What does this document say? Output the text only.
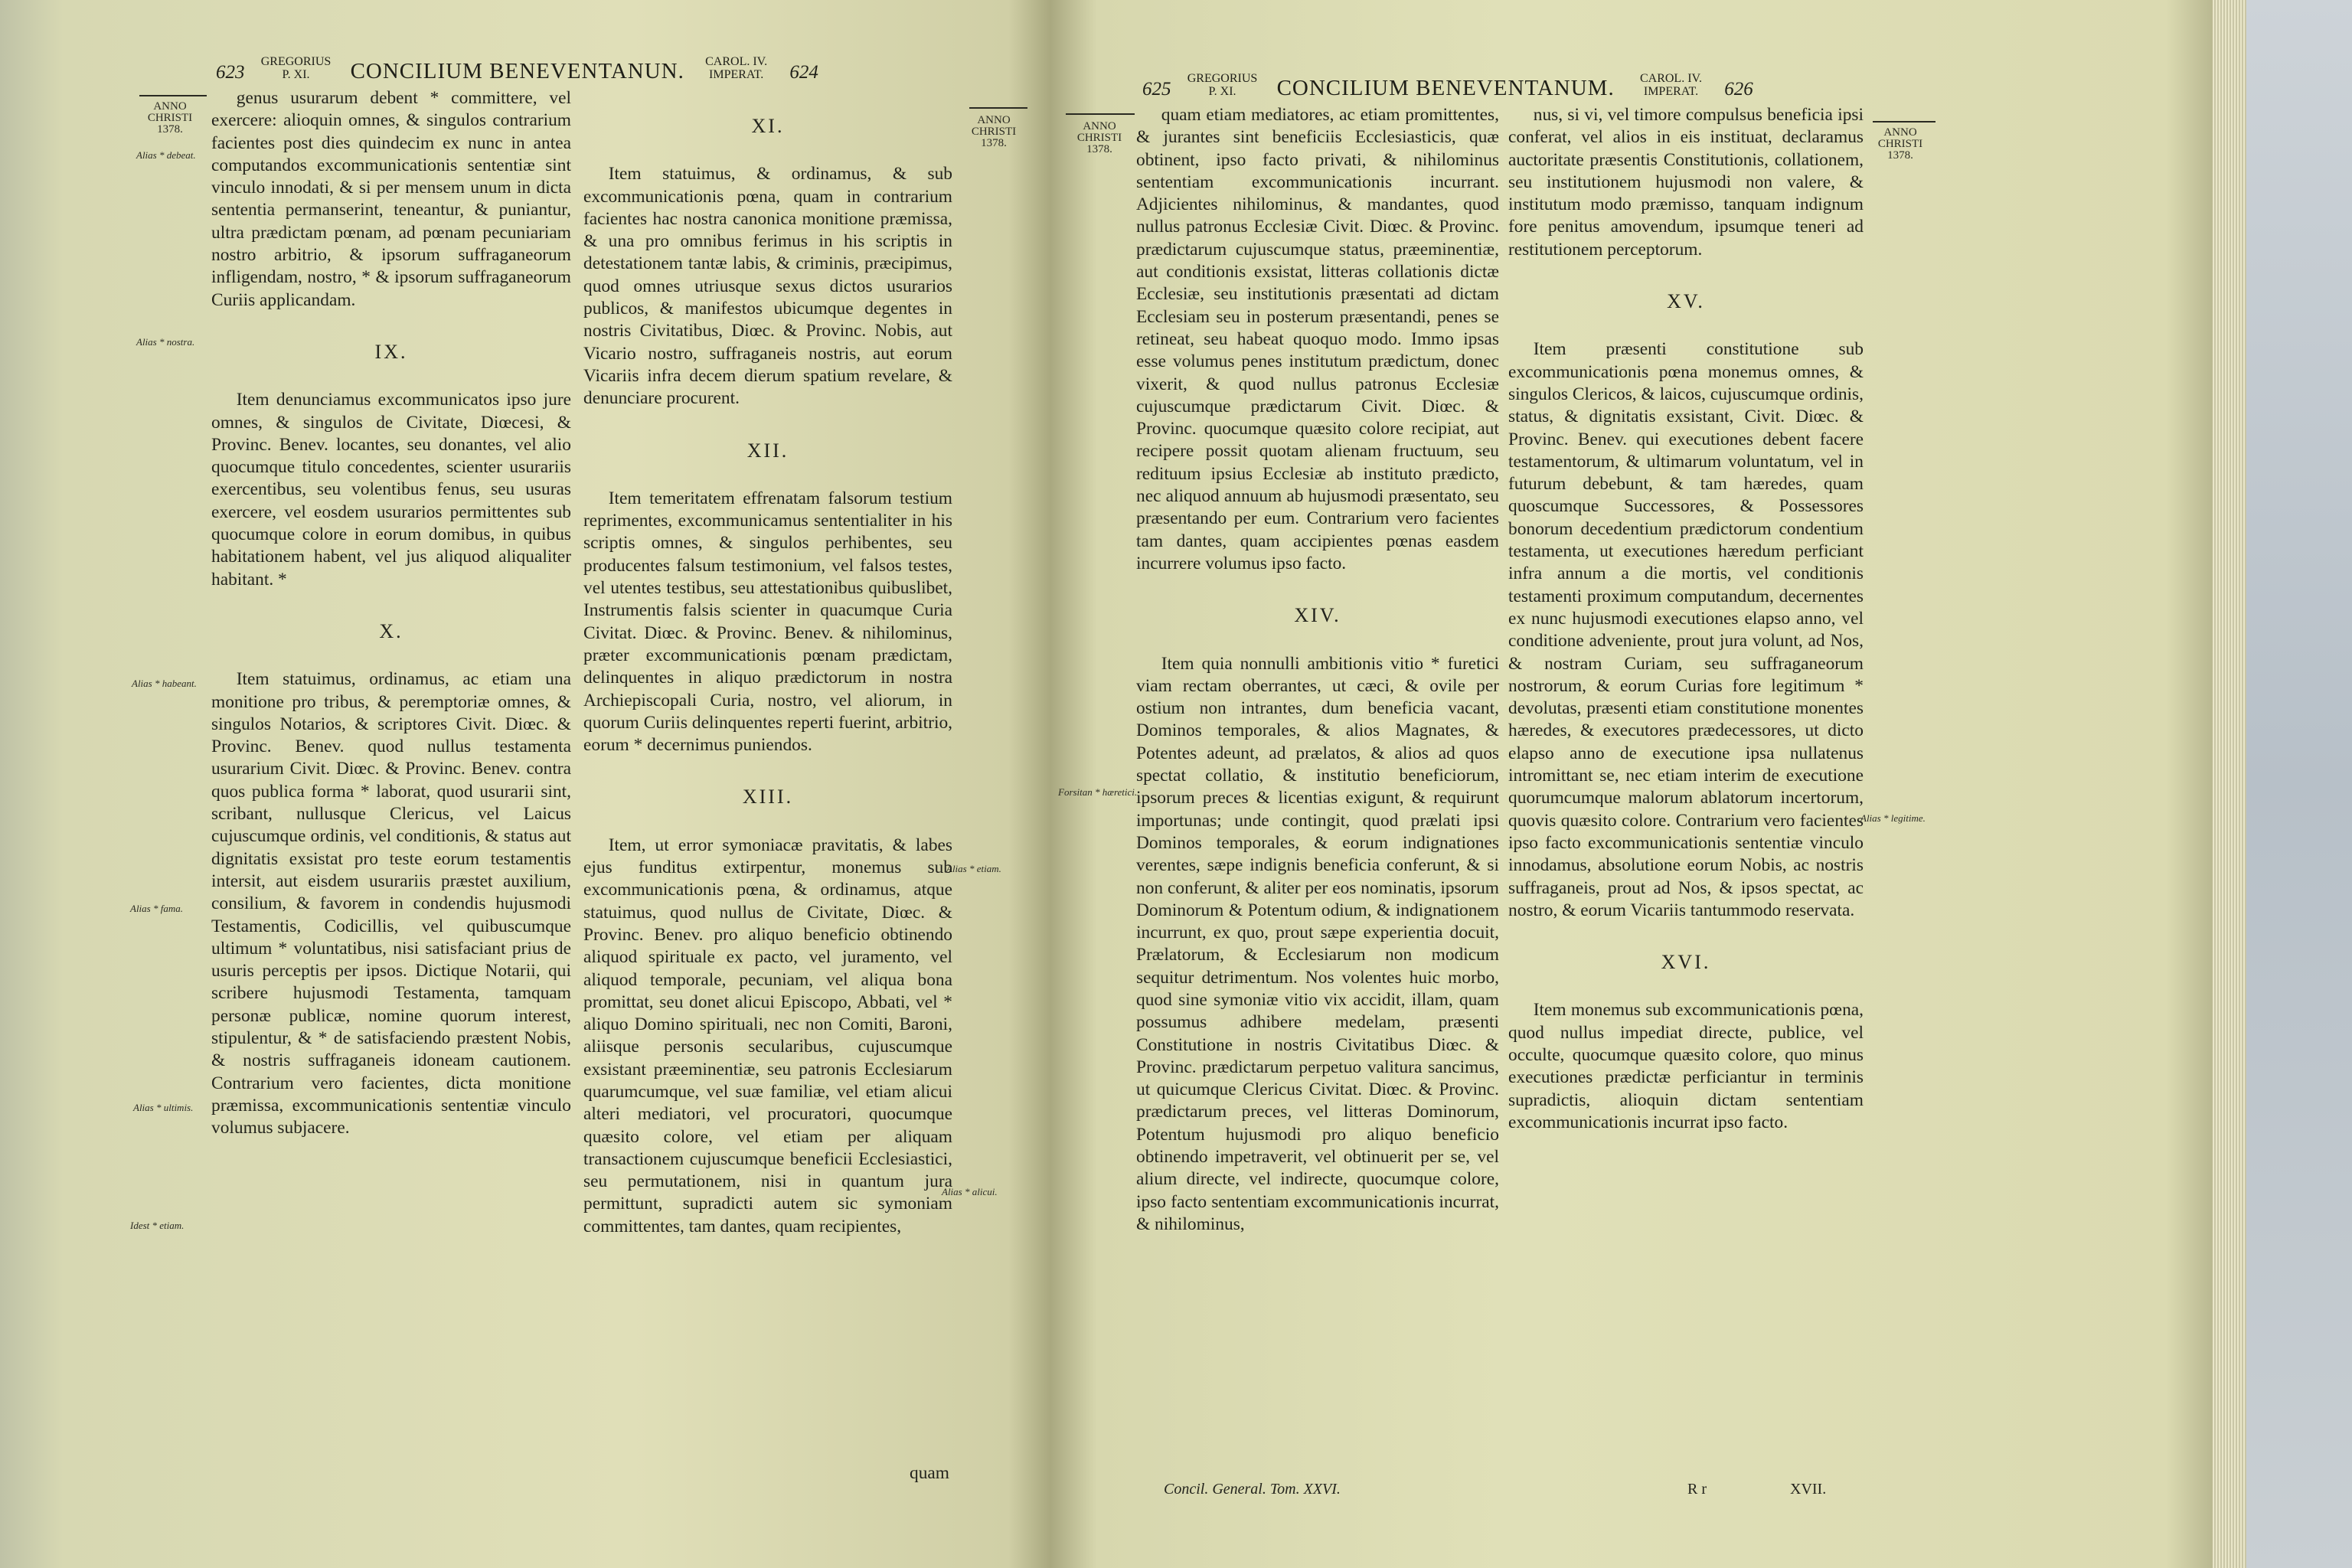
623 GREGORIUS
P. XI. CONCILIUM BENEVENTANUN. CAROL. IV.
IMPERAT. 624
ANNO
CHRISTI
1378.
ANNO
CHRISTI
1378.
Alias * debeat.
Alias * nostra.
Alias * habeant.
Alias * fama.
Alias * ultimis.
Idest * etiam.
Alias * etiam.
Alias * alicui.

genus usurarum debent * committere, vel exercere: alioquin omnes, & singulos contrarium facientes post dies quindecim ex nunc in antea computandos excommunicationis sententiæ sint vinculo innodati, & si per mensem unum in dicta sententia permanserint, teneantur, & puniantur, ultra prædictam pœnam, ad pœnam pecuniariam nostro arbitrio, & ipsorum suffraganeorum infligendam, nostro, * & ipsorum suffraganeorum Curiis applicandam.

IX.

Item denunciamus excommunicatos ipso jure omnes, & singulos de Civitate, Diœcesi, & Provinc. Benev. locantes, seu donantes, vel alio quocumque titulo concedentes, scienter usurariis exercentibus, seu volentibus fenus, seu usuras exercere, vel eosdem usurarios permittentes sub quocumque colore in eorum domibus, in quibus habitationem habent, vel jus aliquod aliqualiter habitant. *

X.

Item statuimus, ordinamus, ac etiam una monitione pro tribus, & peremptoriæ omnes, & singulos Notarios, & scriptores Civit. Diœc. & Provinc. Benev. quod nullus testamenta usurarium Civit. Diœc. & Provinc. Benev. contra quos publica forma * laborat, quod usurarii sint, scribant, nullusque Clericus, vel Laicus cujuscumque ordinis, vel conditionis, & status aut dignitatis exsistat pro teste eorum testamentis intersit, aut eisdem usurariis præstet auxilium, consilium, & favorem in condendis hujusmodi Testamentis, Codicillis, vel quibuscumque ultimum * voluntatibus, nisi satisfaciant prius de usuris perceptis per ipsos. Dictique Notarii, qui scribere hujusmodi Testamenta, tamquam personæ publicæ, nomine quorum interest, stipulentur, & * de satisfaciendo præstent Nobis, & nostris suffraganeis idoneam cautionem. Contrarium vero facientes, dicta monitione præmissa, excommunicationis sententiæ vinculo volumus subjacere.

XI.

Item statuimus, & ordinamus, & sub excommunicationis pœna, quam in contrarium facientes hac nostra canonica monitione præmissa, & una pro omnibus ferimus in his scriptis in detestationem tantæ labis, & criminis, præcipimus, quod omnes utriusque sexus dictos usurarios publicos, & manifestos ubicumque degentes in nostris Civitatibus, Diœc. & Provinc. Nobis, aut Vicario nostro, suffraganeis nostris, aut eorum Vicariis infra decem dierum spatium revelare, & denunciare procurent.

XII.

Item temeritatem effrenatam falsorum testium reprimentes, excommunicamus sententialiter in his scriptis omnes, & singulos perhibentes, seu producentes falsum testimonium, vel falsos testes, vel utentes testibus, seu attestationibus quibuslibet, Instrumentis falsis scienter in quacumque Curia Civitat. Diœc. & Provinc. Benev. & nihilominus, præter excommunicationis pœnam prædictam, delinquentes in aliquo prædictorum in nostra Archiepiscopali Curia, nostro, vel aliorum, in quorum Curiis delinquentes reperti fuerint, arbitrio, eorum * decernimus puniendos.

XIII.

Item, ut error symoniacæ pravitatis, & labes ejus funditus extirpentur, monemus sub excommunicationis pœna, & ordinamus, atque statuimus, quod nullus de Civitate, Diœc. & Provinc. Benev. pro aliquo beneficio obtinendo aliquod spirituale ex pacto, vel juramento, vel aliquod temporale, pecuniam, vel aliqua bona promittat, seu donet alicui Episcopo, Abbati, vel * aliquo Domino spirituali, nec non Comiti, Baroni, aliisque personis secularibus, cujuscumque exsistant præeminentiæ, seu patronis Ecclesiarum quarumcumque, vel suæ familiæ, vel etiam alicui alteri mediatori, vel procuratori, quocumque quæsito colore, vel etiam per aliquam transactionem cujuscumque beneficii Ecclesiastici, seu permutationem, nisi in quantum jura permittunt, supradicti autem sic symoniam committentes, tam dantes, quam recipientes,

quam
625 GREGORIUS
P. XI. CONCILIUM BENEVENTANUM. CAROL. IV.
IMPERAT. 626
ANNO
CHRISTI
1378.
ANNO
CHRISTI
1378.
Forsitan * hæretici.
Alias * legitime.

quam etiam mediatores, ac etiam promittentes, & jurantes sint beneficiis Ecclesiasticis, quæ obtinent, ipso facto privati, & nihilominus sententiam excommunicationis incurrant. Adjicientes nihilominus, & mandantes, quod nullus patronus Ecclesiæ Civit. Diœc. & Provinc. prædictarum cujuscumque status, præeminentiæ, aut conditionis exsistat, litteras collationis dictæ Ecclesiæ, seu institutionis præsentati ad dictam Ecclesiam seu in posterum præsentandi, penes se retineat, seu habeat quoquo modo. Immo ipsas esse volumus penes institutum prædictum, donec vixerit, & quod nullus patronus Ecclesiæ cujuscumque prædictarum Civit. Diœc. & Provinc. quocumque quæsito colore recipiat, aut recipere possit quotam alienam fructuum, seu redituum ipsius Ecclesiæ ab instituto prædicto, nec aliquod annuum ab hujusmodi præsentato, seu præsentando per eum. Contrarium vero facientes tam dantes, quam accipientes pœnas easdem incurrere volumus ipso facto.

XIV.

Item quia nonnulli ambitionis vitio * furetici viam rectam oberrantes, ut cæci, & ovile per ostium non intrantes, dum beneficia vacant, Dominos temporales, & alios Magnates, & Potentes adeunt, ad prælatos, & alios ad quos spectat collatio, & institutio beneficiorum, ipsorum preces & licentias exigunt, & requirunt importunas; unde contingit, quod prælati ipsi Dominos temporales, & eorum indignationes verentes, sæpe indignis beneficia conferunt, & si non conferunt, & aliter per eos nominatis, ipsorum Dominorum & Potentum odium, & indignationem incurrunt, ex quo, prout sæpe experientia docuit, Prælatorum, & Ecclesiarum non modicum sequitur detrimentum. Nos volentes huic morbo, quod sine symoniæ vitio vix accidit, illam, quam possumus adhibere medelam, præsenti Constitutione in nostris Civitatibus Diœc. & Provinc. prædictarum perpetuo valitura sancimus, ut quicumque Clericus Civitat. Diœc. & Provinc. prædictarum preces, vel litteras Dominorum, Potentum hujusmodi pro aliquo beneficio obtinendo impetraverit, vel obtinuerit per se, vel alium directe, vel indirecte, quocumque colore, ipso facto sententiam excommunicationis incurrat, & nihilominus,

nus, si vi, vel timore compulsus beneficia ipsi conferat, vel alios in eis instituat, declaramus auctoritate præsentis Constitutionis, collationem, seu institutionem hujusmodi non valere, & institutum modo præmisso, tanquam indignum fore penitus amovendum, ipsumque teneri ad restitutionem perceptorum.

XV.

Item præsenti constitutione sub excommunicationis pœna monemus omnes, & singulos Clericos, & laicos, cujuscumque ordinis, status, & dignitatis exsistant, Civit. Diœc. & Provinc. Benev. qui executiones debent facere testamentorum, & ultimarum voluntatum, vel in futurum debebunt, & tam hæredes, quam quoscumque Successores, & Possessores bonorum decedentium prædictorum condentium testamenta, ut executiones hæredum perficiant infra annum a die mortis, vel conditionis testamenti proximum computandum, decernentes ex nunc hujusmodi executiones elapso anno, vel conditione adveniente, prout jura volunt, ad Nos, & nostram Curiam, seu suffraganeorum nostrorum, & eorum Curias fore legitimum * devolutas, præsenti etiam constitutione monentes hæredes, & executores prædecessores, ut dicto elapso anno de executione ipsa nullatenus intromittant se, nec etiam interim de executione quorumcumque malorum ablatorum incertorum, quovis quæsito colore. Contrarium vero facientes ipso facto excommunicationis sententiæ vinculo innodamus, absolutione eorum Nobis, ac nostris suffraganeis, prout ad Nos, & ipsos spectat, ac nostro, & eorum Vicariis tantummodo reservata.

XVI.

Item monemus sub excommunicationis pœna, quod nullus impediat directe, publice, vel occulte, quocumque quæsito colore, quo minus executiones prædictæ perficiantur in terminis supradictis, alioquin dictam sententiam excommunicationis incurrat ipso facto.

Concil. General. Tom. XXVI.	R r	XVII.
